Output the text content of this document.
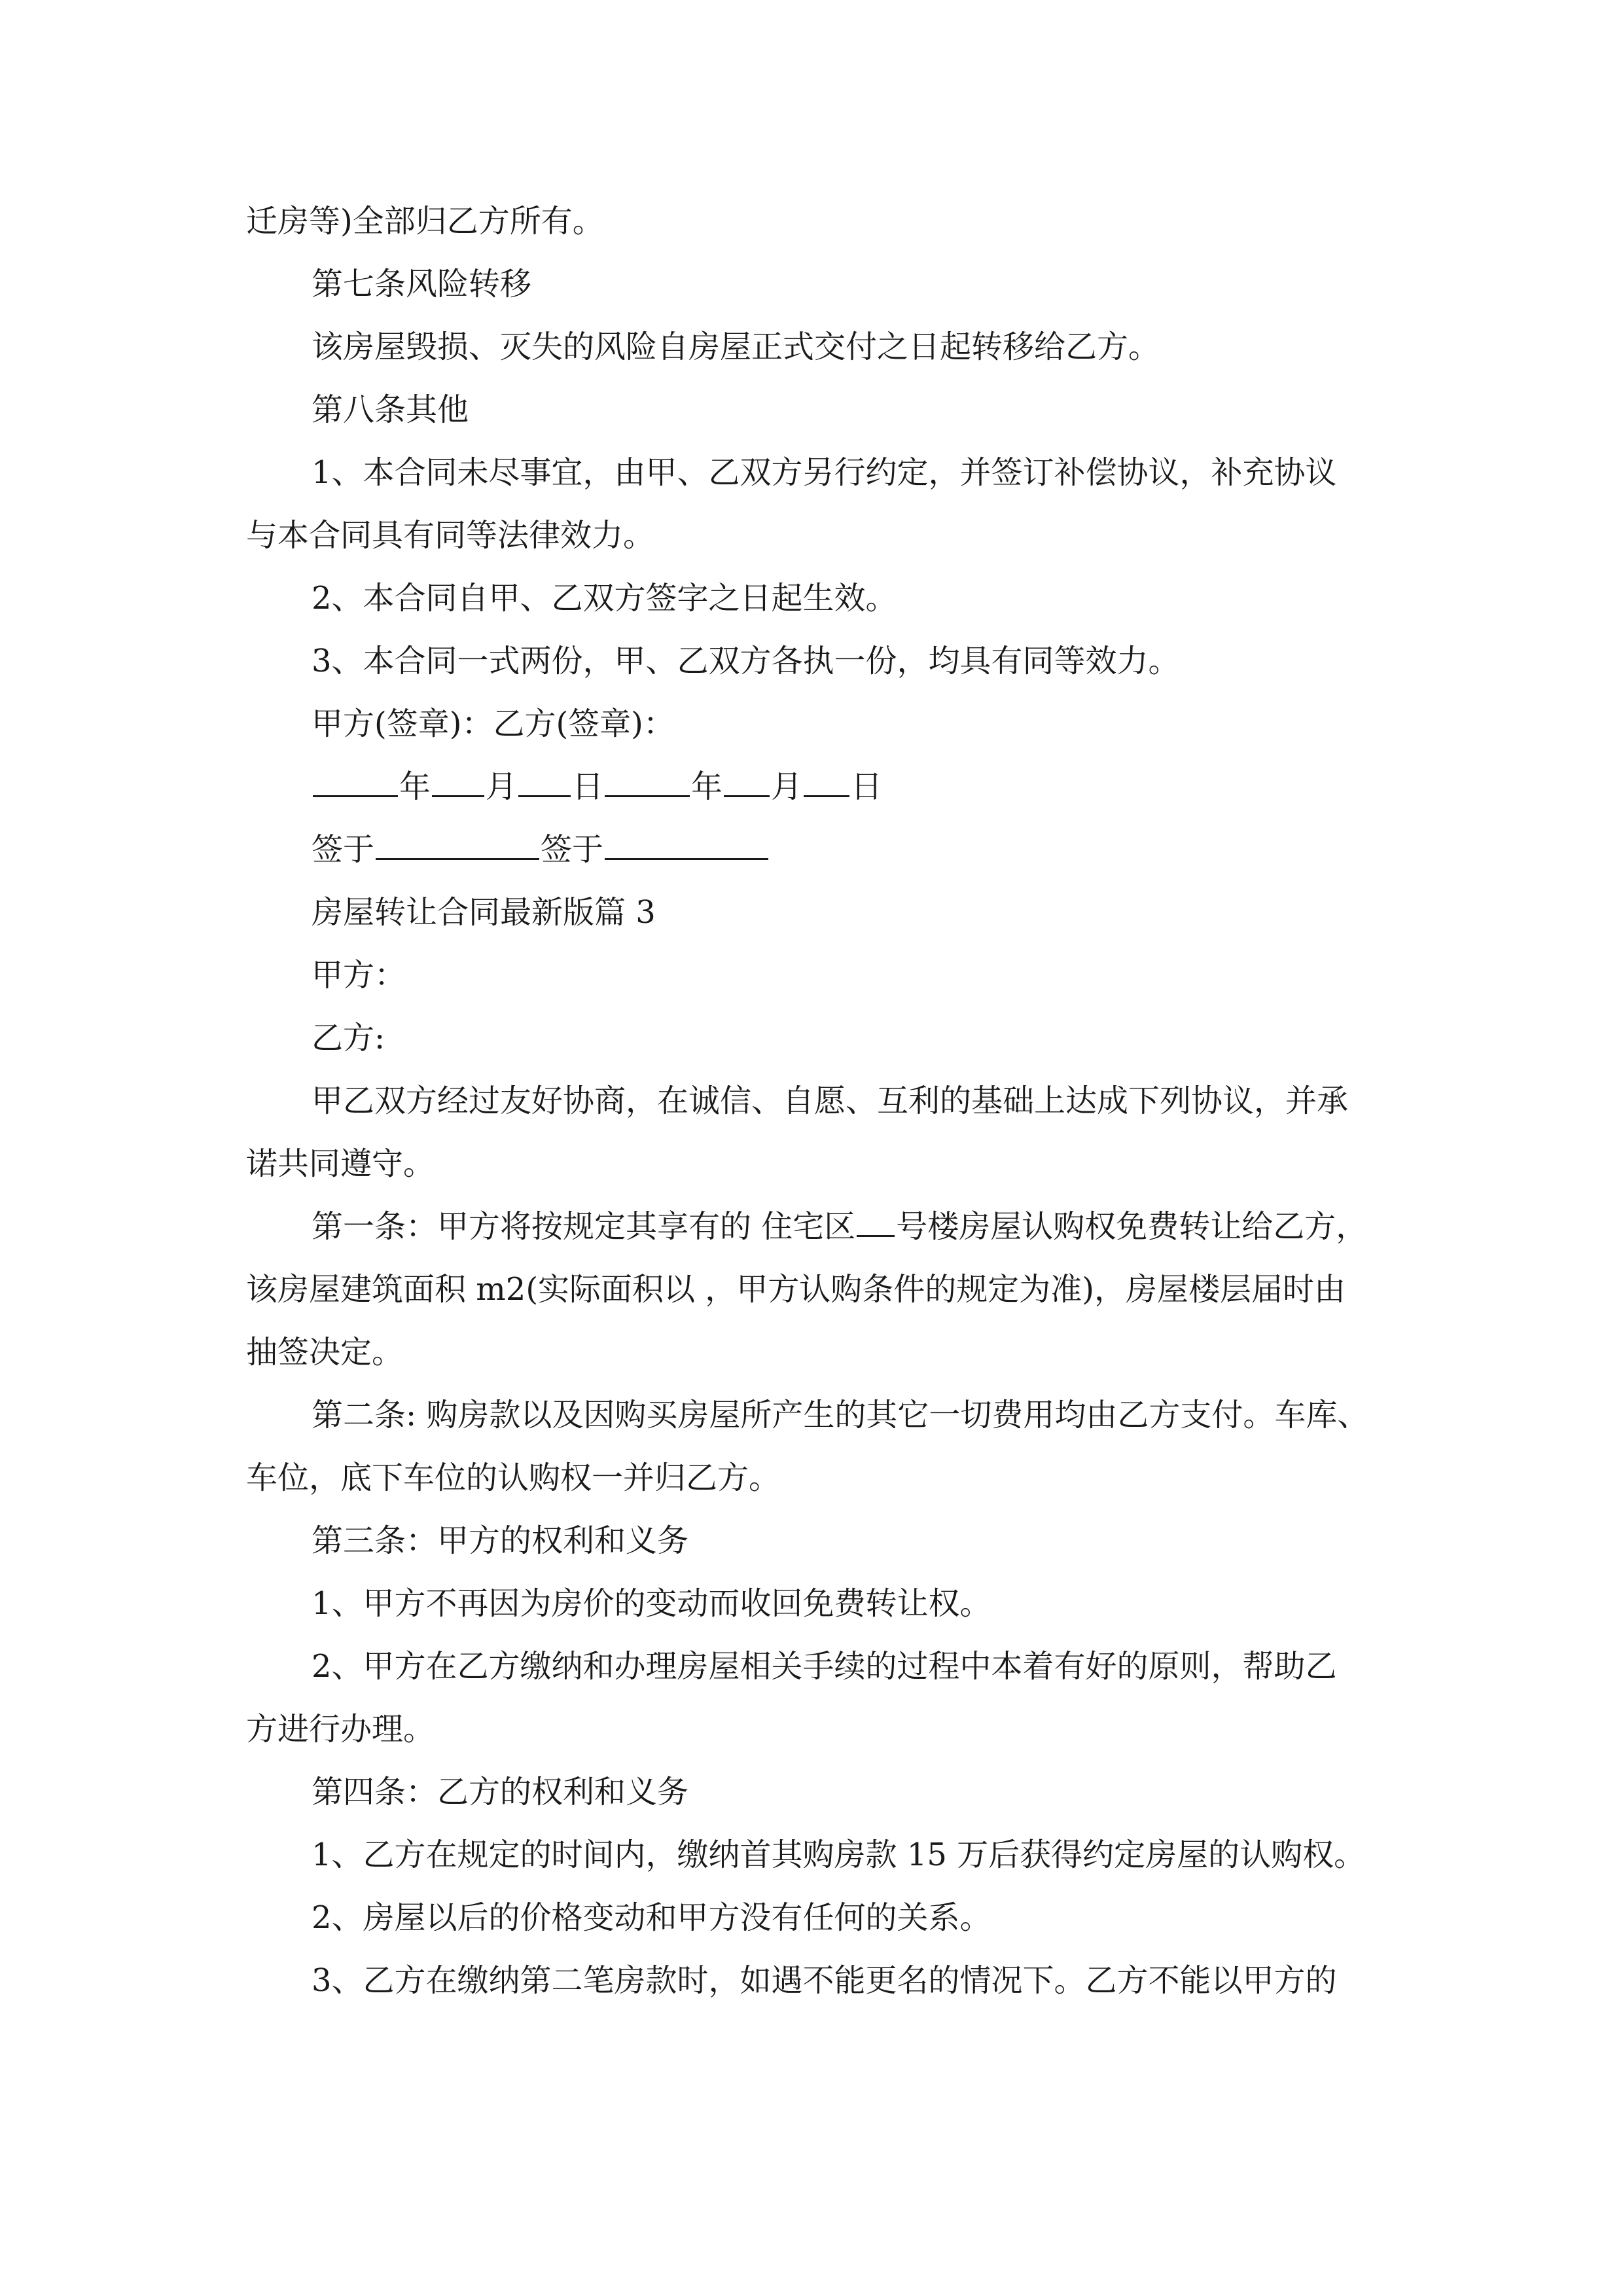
迁房等)全部归乙方所有。
第七条风险转移
该房屋毁损、灭失的风险自房屋正式交付之日起转移给乙方。
第八条其他
1、本合同未尽事宜，由甲、乙双方另行约定，并签订补偿协议，补充协议
与本合同具有同等法律效力。
2、本合同自甲、乙双方签字之日起生效。
3、本合同一式两份，甲、乙双方各执一份，均具有同等效力。
甲方(签章)：乙方(签章)：
年 月 日	年 月 日
签于	签于
房屋转让合同最新版篇 3
甲方：
乙方:
甲乙双方经过友好协商，在诚信、自愿、互利的基础上达成下列协议，并承
诺共同遵守。
第一条：甲方将按规定其享有的 住宅区 号楼房屋认购权免费转让给乙方，
该房屋建筑面积 m2(实际面积以 ，甲方认购条件的规定为准)，房屋楼层届时由
抽签决定。
第二条: 购房款以及因购买房屋所产生的其它一切费用均由乙方支付。车库、
车位，底下车位的认购权一并归乙方。
第三条：甲方的权利和义务
1、甲方不再因为房价的变动而收回免费转让权。
2、甲方在乙方缴纳和办理房屋相关手续的过程中本着有好的原则，帮助乙
方进行办理。
第四条：乙方的权利和义务
1、乙方在规定的时间内，缴纳首其购房款 15 万后获得约定房屋的认购权。
2、房屋以后的价格变动和甲方没有任何的关系。
3、乙方在缴纳第二笔房款时，如遇不能更名的情况下。乙方不能以甲方的
